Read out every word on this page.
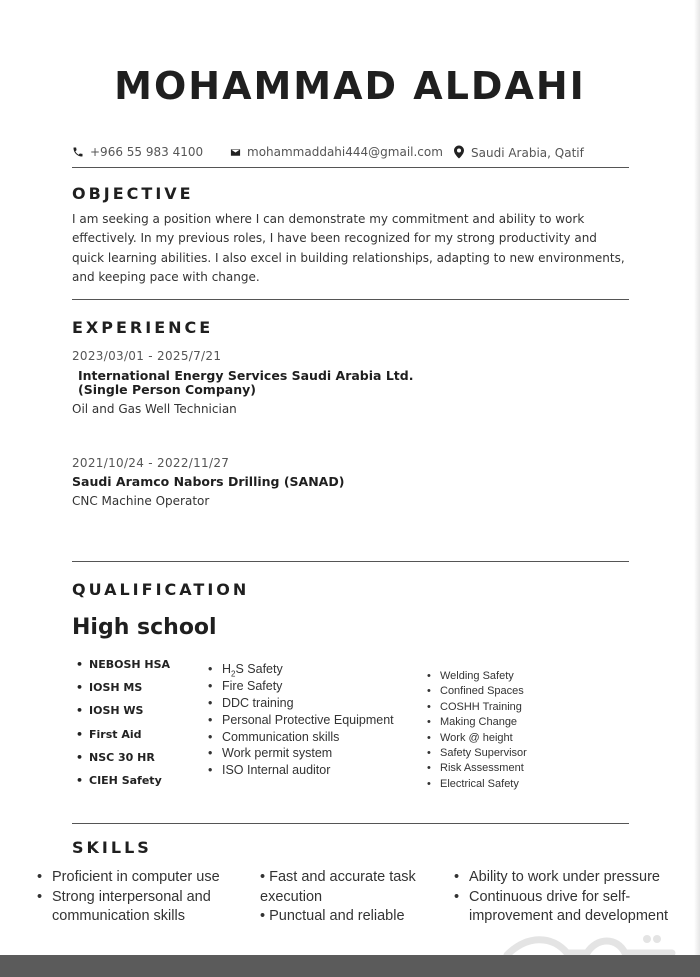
MOHAMMAD ALDAHI
+966 55 983 4100	mohammaddahi444@gmail.com	Saudi Arabia, Qatif
OBJECTIVE
I am seeking a position where I can demonstrate my commitment and ability to work effectively. In my previous roles, I have been recognized for my strong productivity and quick learning abilities. I also excel in building relationships, adapting to new environments, and keeping pace with change.
EXPERIENCE
2023/03/01 - 2025/7/21
International Energy Services Saudi Arabia Ltd.
(Single Person Company)
Oil and Gas Well Technician
2021/10/24 - 2022/11/27
Saudi Aramco Nabors Drilling (SANAD)
CNC Machine Operator
QUALIFICATION
High school
• NEBOSH HSA
• IOSH MS
• IOSH WS
• First Aid
• NSC 30 HR
• CIEH Safety
• $H_2S$ Safety
• Fire Safety
• DDC training
• Personal Protective Equipment
• Communication skills
• Work permit system
• ISO Internal auditor
• Welding Safety
• Confined Spaces
• COSHH Training
• Making Change
• Work @ height
• Safety Supervisor
• Risk Assessment
• Electrical Safety
SKILLS
• Proficient in computer use
• Strong interpersonal and communication skills
• Fast and accurate task execution
• Punctual and reliable
• Ability to work under pressure
• Continuous drive for self-improvement and development
